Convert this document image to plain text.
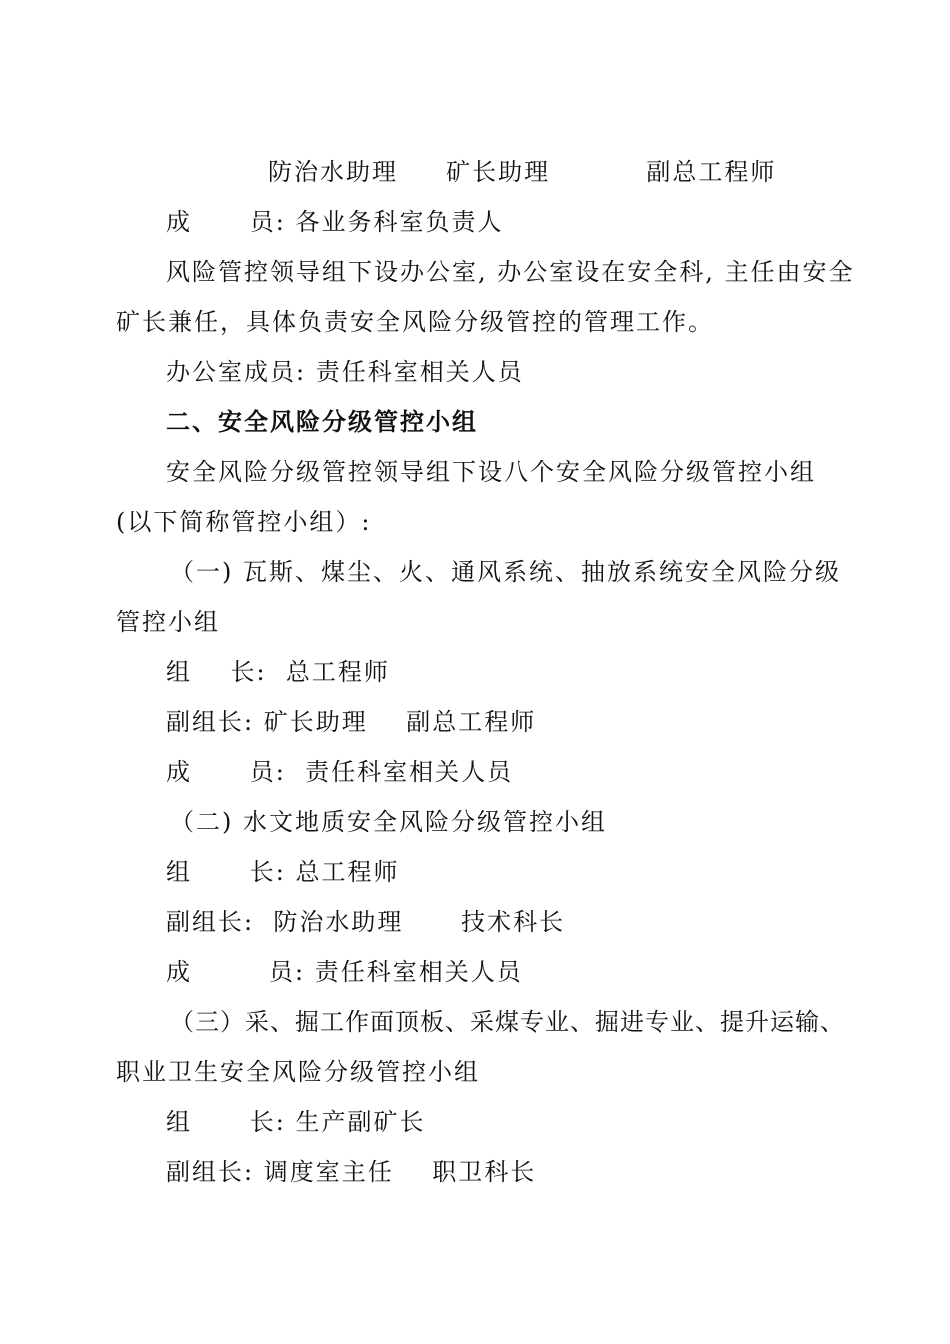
防治水助理     矿长助理          副总工程师
成      员: 各业务科室负责人
风险管控领导组下设办公室, 办公室设在安全科, 主任由安全
矿长兼任，具体负责安全风险分级管控的管理工作。
办公室成员: 责任科室相关人员
二、安全风险分级管控小组
安全风险分级管控领导组下设八个安全风险分级管控小组
(以下简称管控小组）:
（一) 瓦斯、煤尘、火、通风系统、抽放系统安全风险分级
管控小组
组    长:  总工程师
副组长: 矿长助理    副总工程师
成      员:  责任科室相关人员
（二) 水文地质安全风险分级管控小组
组      长: 总工程师
副组长:  防治水助理      技术科长
成        员: 责任科室相关人员
（三）采、掘工作面顶板、采煤专业、掘进专业、提升运输、
职业卫生安全风险分级管控小组
组      长: 生产副矿长
副组长: 调度室主任    职卫科长
